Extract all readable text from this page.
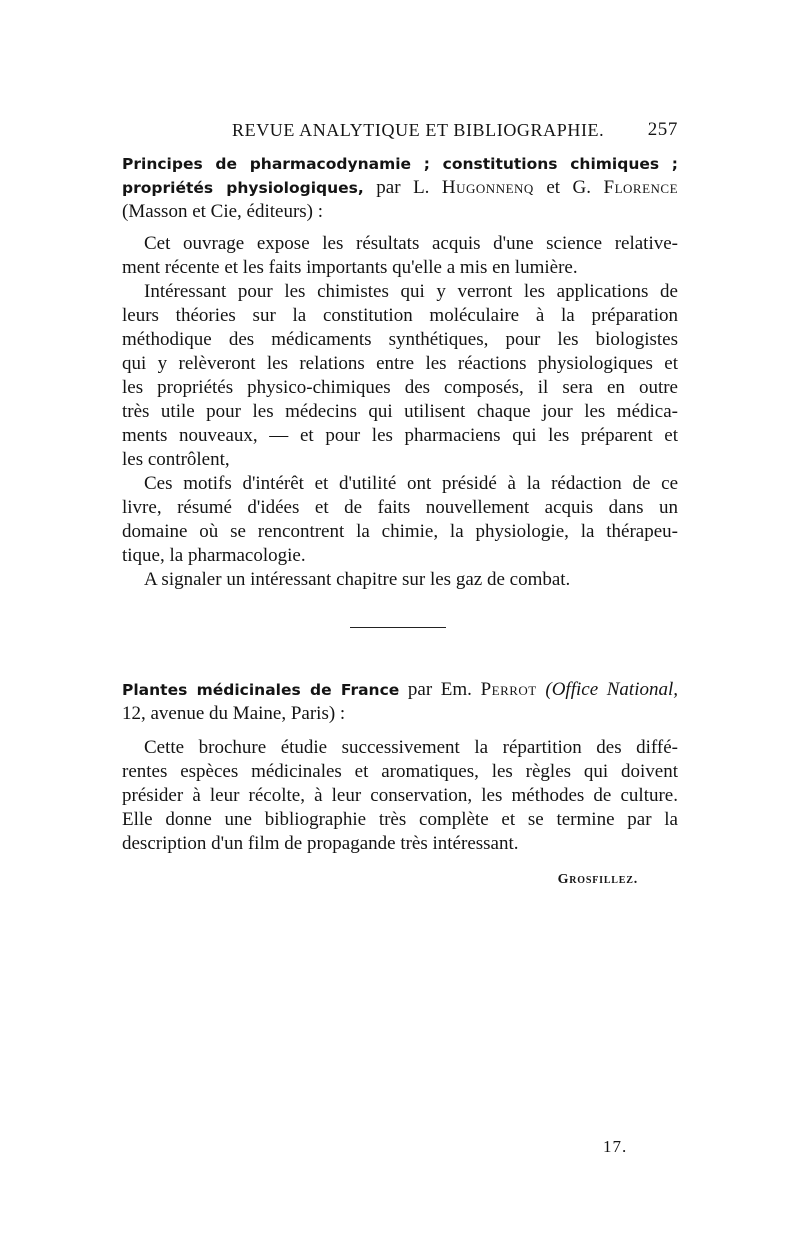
REVUE ANALYTIQUE ET BIBLIOGRAPHIE. 257
Principes de pharmacodynamie ; constitutions chimiques ;
propriétés physiologiques, par L. Hugonnenq et G. Florence
(Masson et Cie, éditeurs) :
Cet ouvrage expose les résultats acquis d'une science relative-
ment récente et les faits importants qu'elle a mis en lumière.
Intéressant pour les chimistes qui y verront les applications de
leurs théories sur la constitution moléculaire à la préparation
méthodique des médicaments synthétiques, pour les biologistes
qui y relèveront les relations entre les réactions physiologiques et
les propriétés physico-chimiques des composés, il sera en outre
très utile pour les médecins qui utilisent chaque jour les médica-
ments nouveaux, — et pour les pharmaciens qui les préparent et
les contrôlent,
Ces motifs d'intérêt et d'utilité ont présidé à la rédaction de ce
livre, résumé d'idées et de faits nouvellement acquis dans un
domaine où se rencontrent la chimie, la physiologie, la thérapeu-
tique, la pharmacologie.
A signaler un intéressant chapitre sur les gaz de combat.
Plantes médicinales de France par Em. Perrot (Office National,
12, avenue du Maine, Paris) :
Cette brochure étudie successivement la répartition des diffé-
rentes espèces médicinales et aromatiques, les règles qui doivent
présider à leur récolte, à leur conservation, les méthodes de culture.
Elle donne une bibliographie très complète et se termine par la
description d'un film de propagande très intéressant.
Grosfillez.
17.
